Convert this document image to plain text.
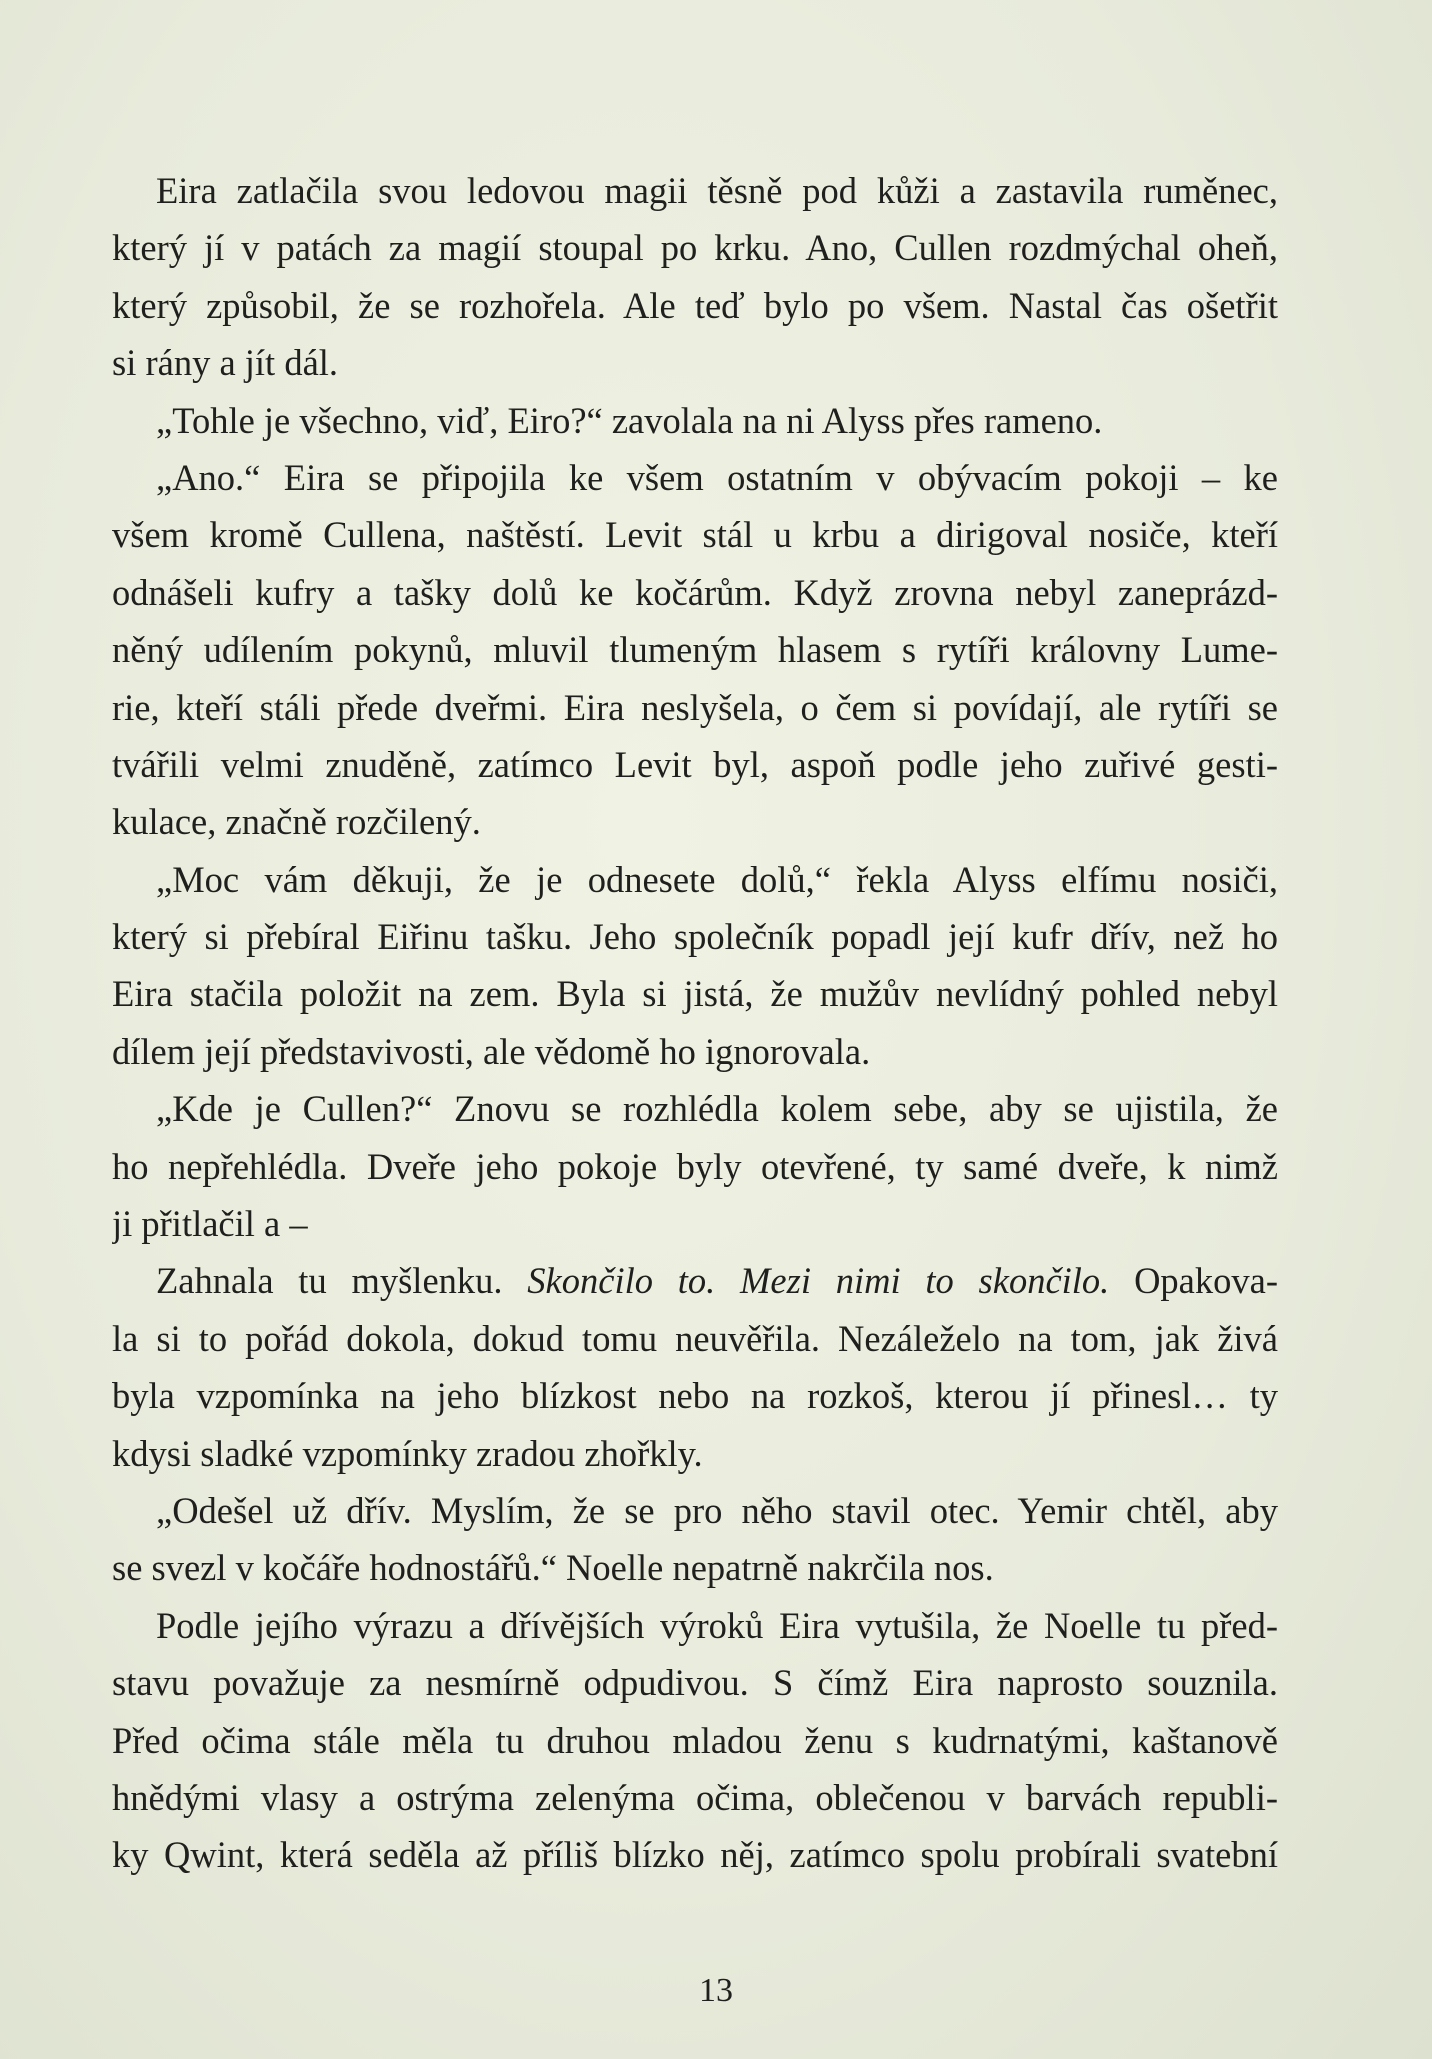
Eira zatlačila svou ledovou magii těsně pod kůži a zastavila ruměnec,
který jí v patách za magií stoupal po krku. Ano, Cullen rozdmýchal oheň,
který způsobil, že se rozhořela. Ale teď bylo po všem. Nastal čas ošetřit
si rány a jít dál.
„Tohle je všechno, viď, Eiro?“ zavolala na ni Alyss přes rameno.
„Ano.“ Eira se připojila ke všem ostatním v obývacím pokoji – ke
všem kromě Cullena, naštěstí. Levit stál u krbu a dirigoval nosiče, kteří
odnášeli kufry a tašky dolů ke kočárům. Když zrovna nebyl zaneprázd-
něný udílením pokynů, mluvil tlumeným hlasem s rytíři královny Lume-
rie, kteří stáli přede dveřmi. Eira neslyšela, o čem si povídají, ale rytíři se
tvářili velmi znuděně, zatímco Levit byl, aspoň podle jeho zuřivé gesti-
kulace, značně rozčilený.
„Moc vám děkuji, že je odnesete dolů,“ řekla Alyss elfímu nosiči,
který si přebíral Eiřinu tašku. Jeho společník popadl její kufr dřív, než ho
Eira stačila položit na zem. Byla si jistá, že mužův nevlídný pohled nebyl
dílem její představivosti, ale vědomě ho ignorovala.
„Kde je Cullen?“ Znovu se rozhlédla kolem sebe, aby se ujistila, že
ho nepřehlédla. Dveře jeho pokoje byly otevřené, ty samé dveře, k nimž
ji přitlačil a –
Zahnala tu myšlenku. Skončilo to. Mezi nimi to skončilo. Opakova-
la si to pořád dokola, dokud tomu neuvěřila. Nezáleželo na tom, jak živá
byla vzpomínka na jeho blízkost nebo na rozkoš, kterou jí přinesl… ty
kdysi sladké vzpomínky zradou zhořkly.
„Odešel už dřív. Myslím, že se pro něho stavil otec. Yemir chtěl, aby
se svezl v kočáře hodnostářů.“ Noelle nepatrně nakrčila nos.
Podle jejího výrazu a dřívějších výroků Eira vytušila, že Noelle tu před-
stavu považuje za nesmírně odpudivou. S čímž Eira naprosto souznila.
Před očima stále měla tu druhou mladou ženu s kudrnatými, kaštanově
hnědými vlasy a ostrýma zelenýma očima, oblečenou v barvách republi-
ky Qwint, která seděla až příliš blízko něj, zatímco spolu probírali svatební
13
